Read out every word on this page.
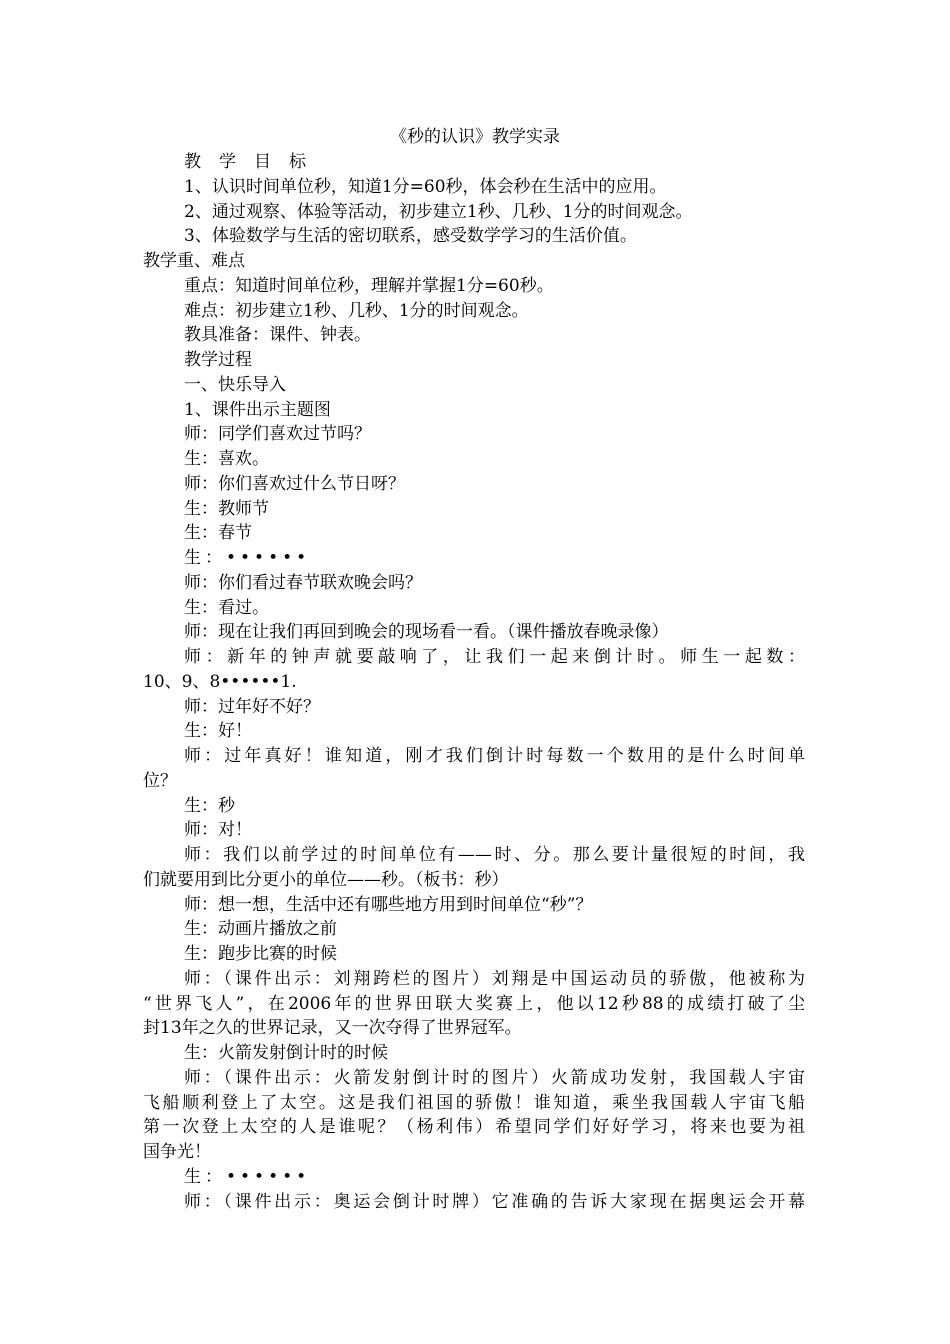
《秒的认识》教学实录
教学目标
1、认识时间单位秒，知道1分=60秒，体会秒在生活中的应用。
2、通过观察、体验等活动，初步建立1秒、几秒、1分的时间观念。
3、体验数学与生活的密切联系，感受数学学习的生活价值。
教学重、难点
重点：知道时间单位秒，理解并掌握1分=60秒。
难点：初步建立1秒、几秒、1分的时间观念。
教具准备：课件、钟表。
教学过程
一、快乐导入
1、课件出示主题图
师：同学们喜欢过节吗？
生：喜欢。
师：你们喜欢过什么节日呀？
生：教师节
生：春节
生：••••••
师：你们看过春节联欢晚会吗？
生：看过。
师：现在让我们再回到晚会的现场看一看。（课件播放春晚录像）
师：新年的钟声就要敲响了，让我们一起来倒计时。师生一起数：
10、9、8••••••1.
师：过年好不好？
生：好！
师：过年真好！谁知道，刚才我们倒计时每数一个数用的是什么时间单
位？
生：秒
师：对！
师：我们以前学过的时间单位有——时、分。那么要计量很短的时间，我
们就要用到比分更小的单位——秒。（板书：秒）
师：想一想，生活中还有哪些地方用到时间单位“秒”？
生：动画片播放之前
生：跑步比赛的时候
师：（课件出示：刘翔跨栏的图片）刘翔是中国运动员的骄傲，他被称为
“世界飞人”，在2006年的世界田联大奖赛上，他以12秒88的成绩打破了尘
封13年之久的世界记录，又一次夺得了世界冠军。
生：火箭发射倒计时的时候
师：（课件出示：火箭发射倒计时的图片）火箭成功发射，我国载人宇宙
飞船顺利登上了太空。这是我们祖国的骄傲！谁知道，乘坐我国载人宇宙飞船
第一次登上太空的人是谁呢？（杨利伟）希望同学们好好学习，将来也要为祖
国争光！
生：••••••
师：（课件出示：奥运会倒计时牌）它准确的告诉大家现在据奥运会开幕
